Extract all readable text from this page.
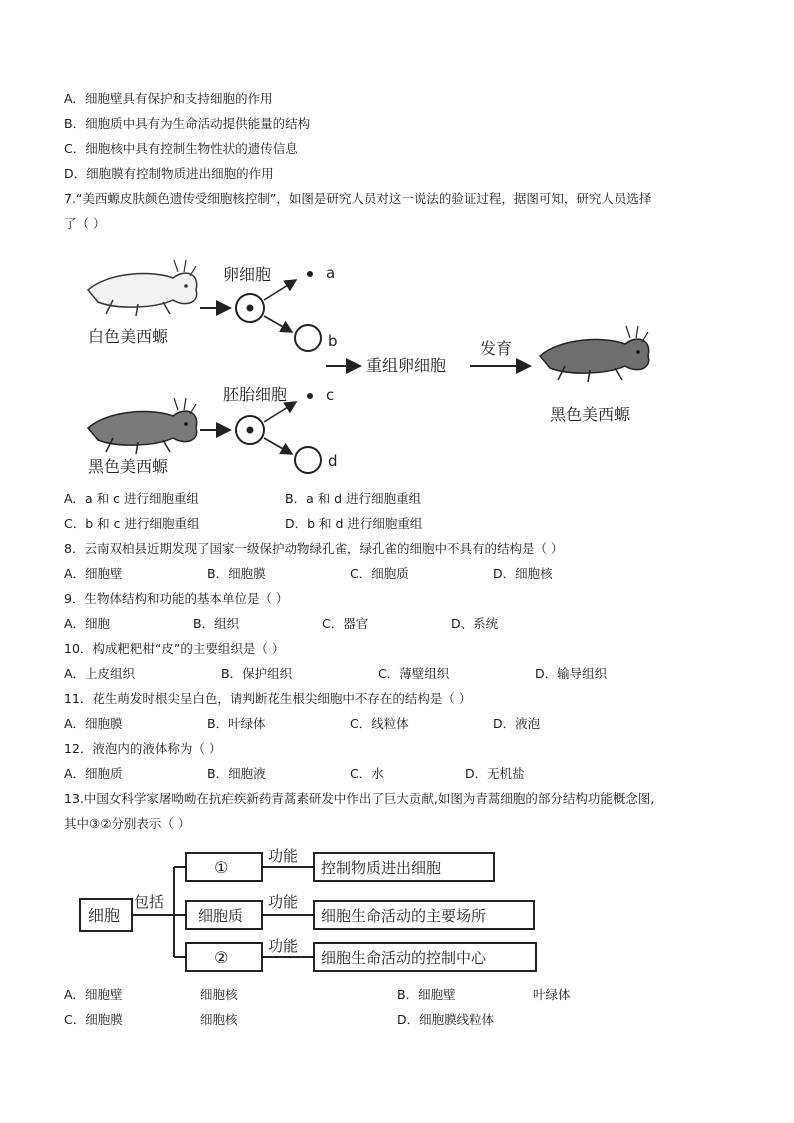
A．细胞壁具有保护和支持细胞的作用
B．细胞质中具有为生命活动提供能量的结构
C．细胞核中具有控制生物性状的遗传信息
D．细胞膜有控制物质进出细胞的作用
7.“美西螈皮肤颜色遗传受细胞核控制”，如图是研究人员对这一说法的验证过程，据图可知，研究人员选择
了（ ）
白色美西螈
黑色美西螈
卵细胞	a
b
胚胎细胞	c
d
重组卵细胞
发育
黑色美西螈
A．a 和 c 进行细胞重组	B．a 和 d 进行细胞重组
C．b 和 c 进行细胞重组	D．b 和 d 进行细胞重组
8．云南双柏县近期发现了国家一级保护动物绿孔雀，绿孔雀的细胞中不具有的结构是（ ）
A．细胞壁	B．细胞膜	C．细胞质	D．细胞核
9．生物体结构和功能的基本单位是（ ）
A．细胞	B．组织	C．器官	D、系统
10．构成粑粑柑“皮”的主要组织是（ ）
A．上皮组织	B．保护组织	C．薄壁组织	D．输导组织
11．花生萌发时根尖呈白色，请判断花生根尖细胞中不存在的结构是（ ）
A．细胞膜	B．叶绿体	C．线粒体	D．液泡
12．液泡内的液体称为（ ）
A．细胞质	B．细胞液	C．水	D．无机盐
13.中国女科学家屠呦呦在抗疟疾新药青蒿素研发中作出了巨大贡献,如图为青蒿细胞的部分结构功能概念图,
其中③②分别表示（ ）
细胞
包括
①
细胞质
②
功能
功能
功能
控制物质进出细胞
细胞生命活动的主要场所
细胞生命活动的控制中心
A．细胞壁	细胞核	B．细胞壁	叶绿体
C．细胞膜	细胞核	D．细胞膜线粒体
